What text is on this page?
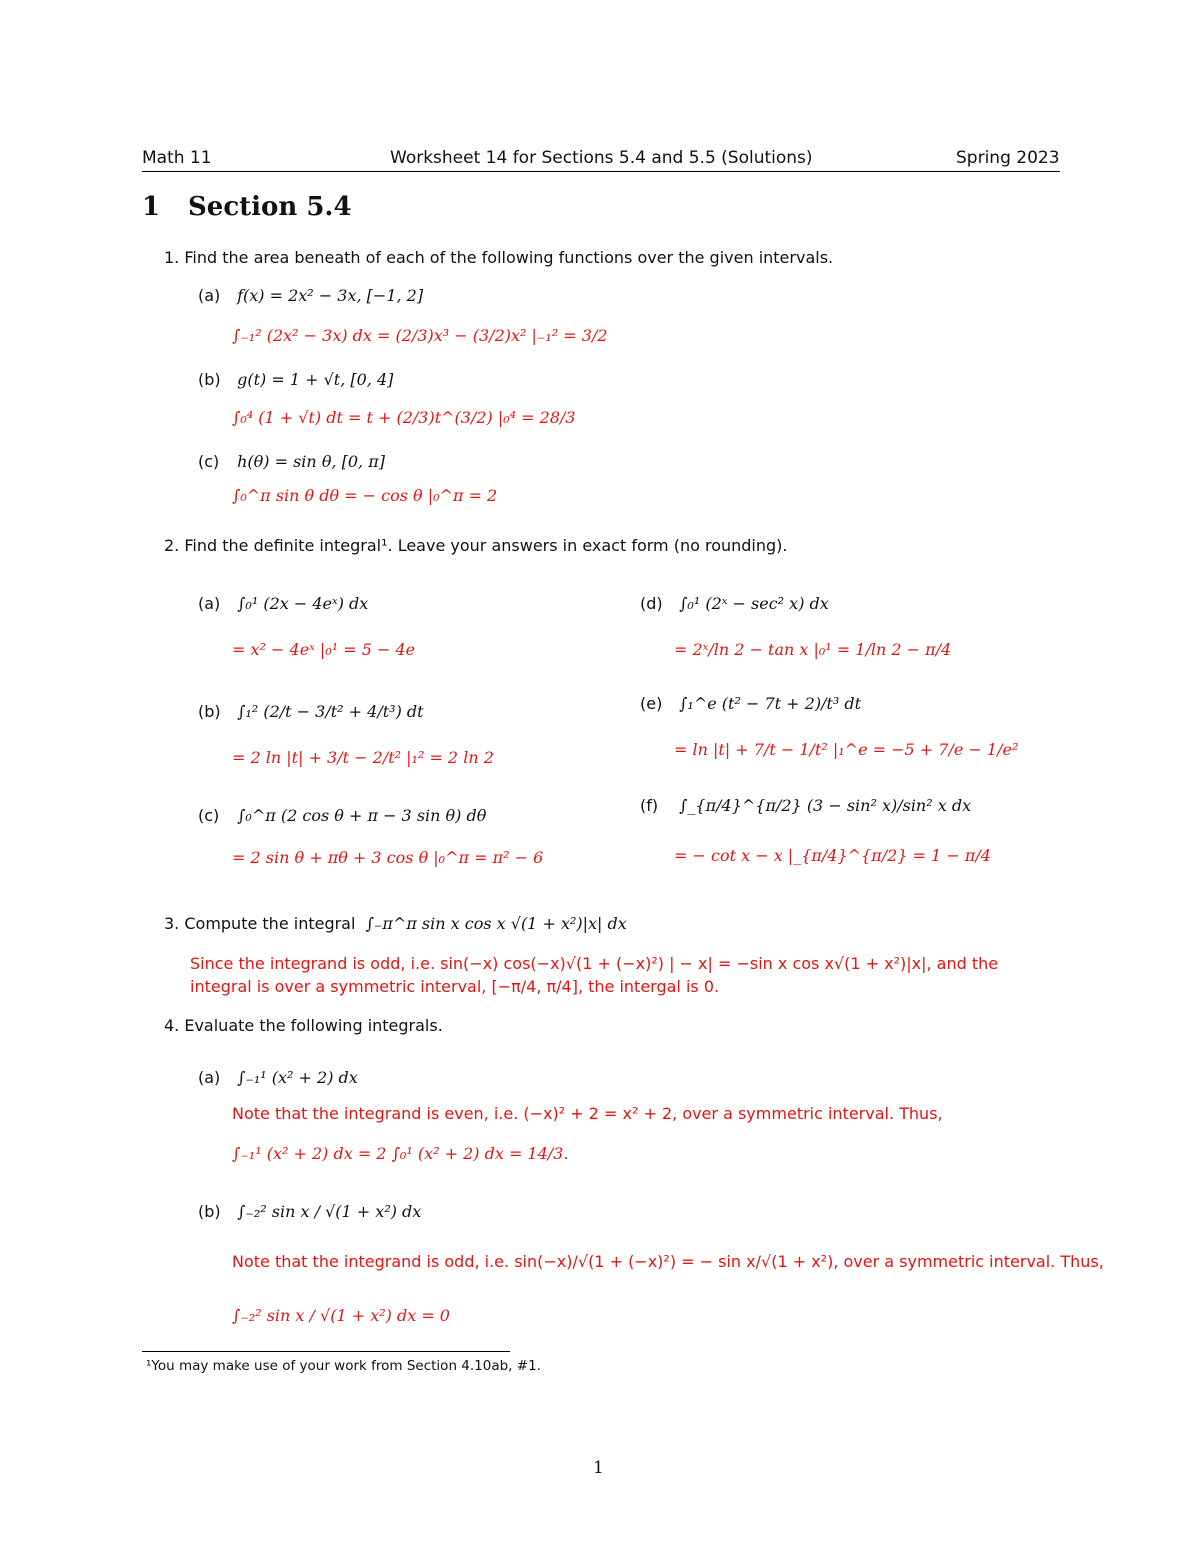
Math 11	Worksheet 14 for Sections 5.4 and 5.5 (Solutions)	Spring 2023
1 Section 5.4
1. Find the area beneath of each of the following functions over the given intervals.
(a) f(x) = 2x² − 3x, [−1, 2]
∫₋₁² (2x² − 3x) dx = (2/3)x³ − (3/2)x² |₋₁² = 3/2
(b) g(t) = 1 + √t, [0, 4]
∫₀⁴ (1 + √t) dt = t + (2/3)t^(3/2) |₀⁴ = 28/3
(c) h(θ) = sin θ, [0, π]
∫₀^π sin θ dθ = − cos θ |₀^π = 2
2. Find the definite integral¹. Leave your answers in exact form (no rounding).
(a) ∫₀¹ (2x − 4eˣ) dx
= x² − 4eˣ |₀¹ = 5 − 4e
(b) ∫₁² (2/t − 3/t² + 4/t³) dt
= 2 ln |t| + 3/t − 2/t² |₁² = 2 ln 2
(c) ∫₀^π (2 cos θ + π − 3 sin θ) dθ
= 2 sin θ + πθ + 3 cos θ |₀^π = π² − 6
(d) ∫₀¹ (2ˣ − sec² x) dx
= 2ˣ/ln 2 − tan x |₀¹ = 1/ln 2 − π/4
(e) ∫₁^e (t² − 7t + 2)/t³ dt
= ln |t| + 7/t − 1/t² |₁^e = −5 + 7/e − 1/e²
(f) ∫_{π/4}^{π/2} (3 − sin² x)/sin² x dx
= − cot x − x |_{π/4}^{π/2} = 1 − π/4
3. Compute the integral ∫₋π^π sin x cos x √(1 + x²)|x| dx
Since the integrand is odd, i.e. sin(−x) cos(−x)√(1 + (−x)²) | − x| = −sin x cos x√(1 + x²)|x|, and the
integral is over a symmetric interval, [−π/4, π/4], the intergal is 0.
4. Evaluate the following integrals.
(a) ∫₋₁¹ (x² + 2) dx
Note that the integrand is even, i.e. (−x)² + 2 = x² + 2, over a symmetric interval. Thus,
∫₋₁¹ (x² + 2) dx = 2 ∫₀¹ (x² + 2) dx = 14/3.
(b) ∫₋₂² sin x / √(1 + x²) dx
Note that the integrand is odd, i.e. sin(−x)/√(1 + (−x)²) = − sin x/√(1 + x²), over a symmetric interval. Thus,
∫₋₂² sin x / √(1 + x²) dx = 0
¹You may make use of your work from Section 4.10ab, #1.
1
